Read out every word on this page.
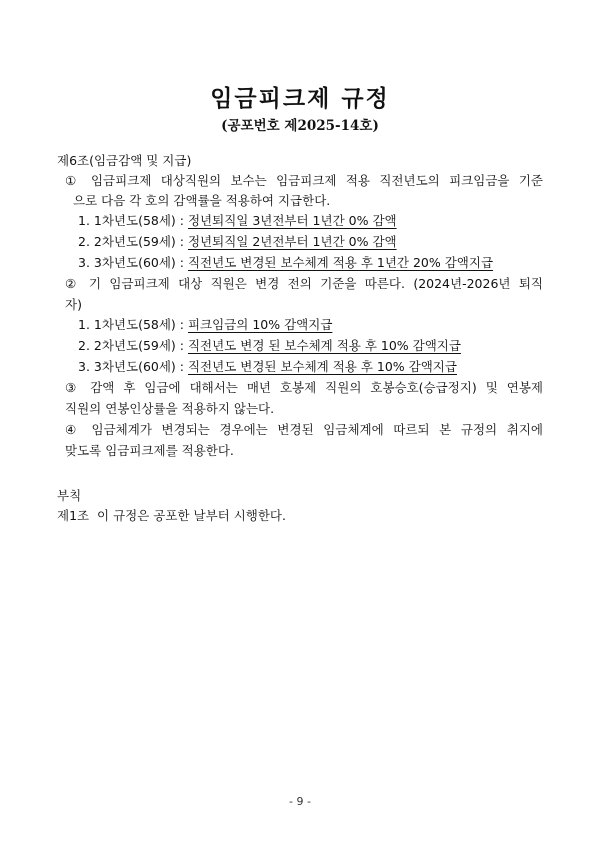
임금피크제 규정
(공포번호 제2025-14호)
제6조(임금감액 및 지급)
① 임금피크제 대상직원의 보수는 임금피크제 적용 직전년도의 피크임금을 기준
으로 다음 각 호의 감액률을 적용하여 지급한다.
1. 1차년도(58세) : 정년퇴직일 3년전부터 1년간 0% 감액
2. 2차년도(59세) : 정년퇴직일 2년전부터 1년간 0% 감액
3. 3차년도(60세) : 직전년도 변경된 보수체계 적용 후 1년간 20% 감액지급
② 기 임금피크제 대상 직원은 변경 전의 기준을 따른다. (2024년-2026년 퇴직
자)
1. 1차년도(58세) : 피크임금의 10% 감액지급
2. 2차년도(59세) : 직전년도 변경 된 보수체계 적용 후 10% 감액지급
3. 3차년도(60세) : 직전년도 변경된 보수체계 적용 후 10% 감액지급
③ 감액 후 임금에 대해서는 매년 호봉제 직원의 호봉승호(승급정지) 및 연봉제
직원의 연봉인상률을 적용하지 않는다.
④ 임금체계가 변경되는 경우에는 변경된 임금체계에 따르되 본 규정의 취지에
맞도록 임금피크제를 적용한다.
부칙
제1조  이 규정은 공포한 날부터 시행한다.
- 9 -
